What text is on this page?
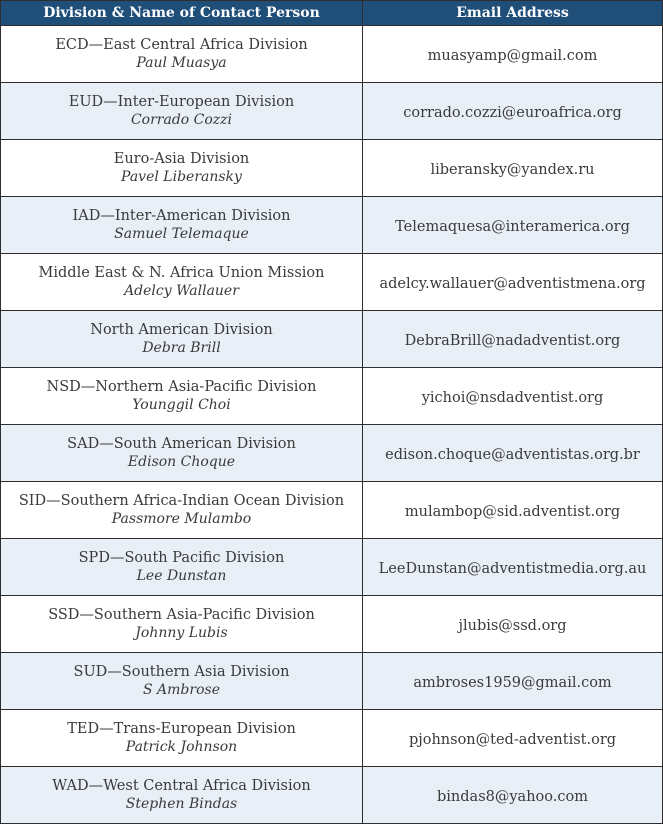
Division & Name of Contact Person	Email Address

ECD—East Central Africa Division
Paul Muasya	muasyamp@gmail.com

EUD—Inter-European Division
Corrado Cozzi	corrado.cozzi@euroafrica.org

Euro-Asia Division
Pavel Liberansky	liberansky@yandex.ru

IAD—Inter-American Division
Samuel Telemaque	Telemaquesa@interamerica.org

Middle East & N. Africa Union Mission
Adelcy Wallauer	adelcy.wallauer@adventistmena.org

North American Division
Debra Brill	DebraBrill@nadadventist.org

NSD—Northern Asia-Pacific Division
Younggil Choi	yichoi@nsdadventist.org

SAD—South American Division
Edison Choque	edison.choque@adventistas.org.br

SID—Southern Africa-Indian Ocean Division
Passmore Mulambo	mulambop@sid.adventist.org

SPD—South Pacific Division
Lee Dunstan	LeeDunstan@adventistmedia.org.au

SSD—Southern Asia-Pacific Division
Johnny Lubis	jlubis@ssd.org

SUD—Southern Asia Division
S Ambrose	ambroses1959@gmail.com

TED—Trans-European Division
Patrick Johnson	pjohnson@ted-adventist.org

WAD—West Central Africa Division
Stephen Bindas	bindas8@yahoo.com
